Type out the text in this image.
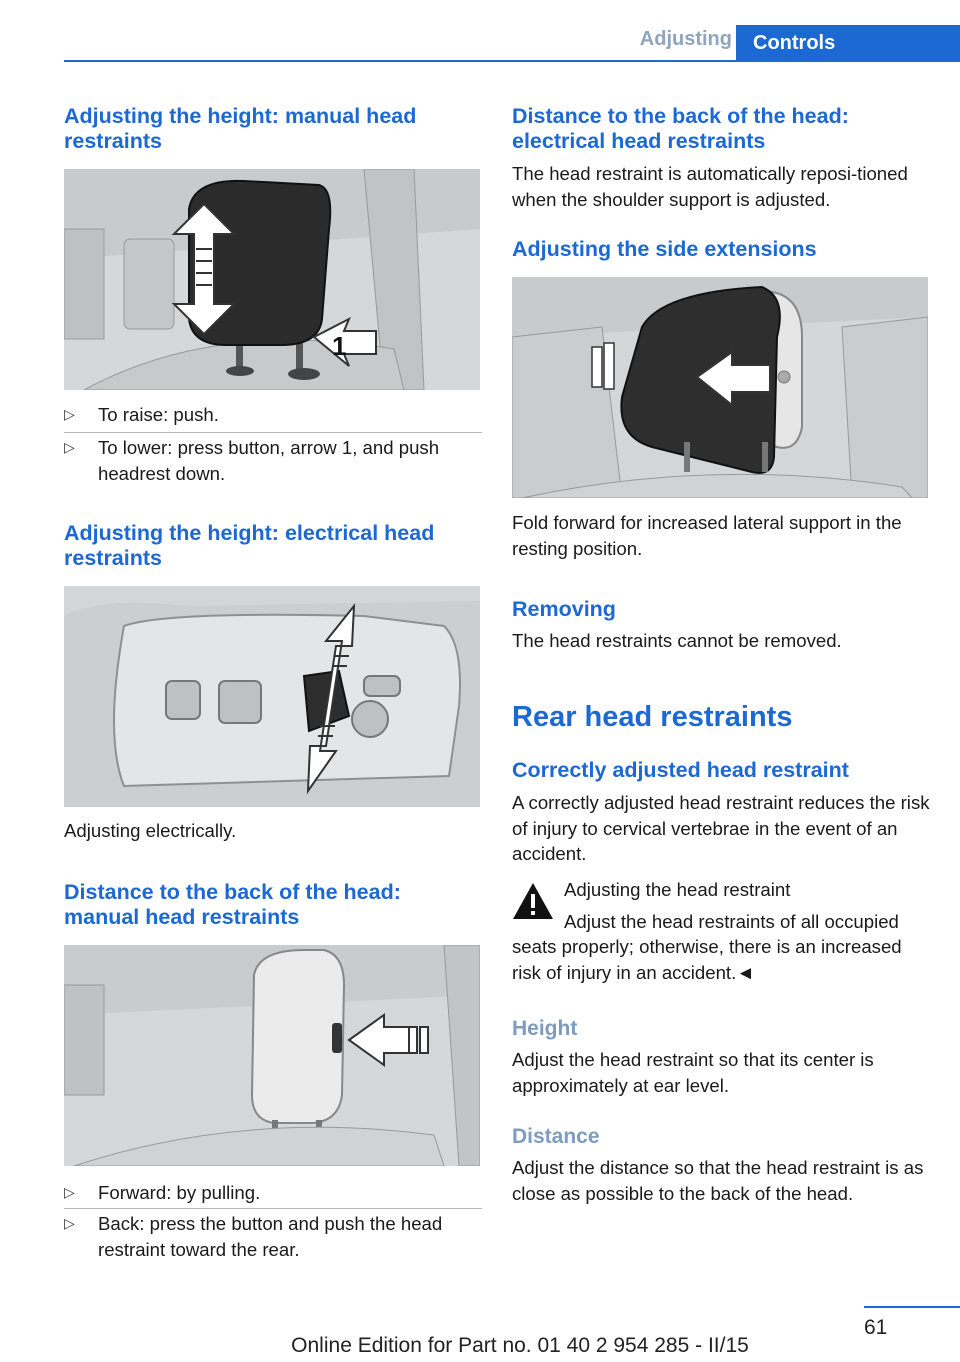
Adjusting	Controls
Adjusting the height: manual head restraints
1
▷ To raise: push.
▷ To lower: press button, arrow 1, and push headrest down.
Adjusting the height: electrical head restraints
Adjusting electrically.
Distance to the back of the head: manual head restraints
▷ Forward: by pulling.
▷ Back: press the button and push the head restraint toward the rear.
Distance to the back of the head: electrical head restraints
The head restraint is automatically reposi-tioned when the shoulder support is adjusted.
Adjusting the side extensions
Fold forward for increased lateral support in the resting position.
Removing
The head restraints cannot be removed.
Rear head restraints
Correctly adjusted head restraint
A correctly adjusted head restraint reduces the risk of injury to cervical vertebrae in the event of an accident.
Adjusting the head restraint
Adjust the head restraints of all occupied
seats properly; otherwise, there is an increased risk of injury in an accident.◄
Height
Adjust the head restraint so that its center is approximately at ear level.
Distance
Adjust the distance so that the head restraint is as close as possible to the back of the head.
61
Online Edition for Part no. 01 40 2 954 285 - II/15
